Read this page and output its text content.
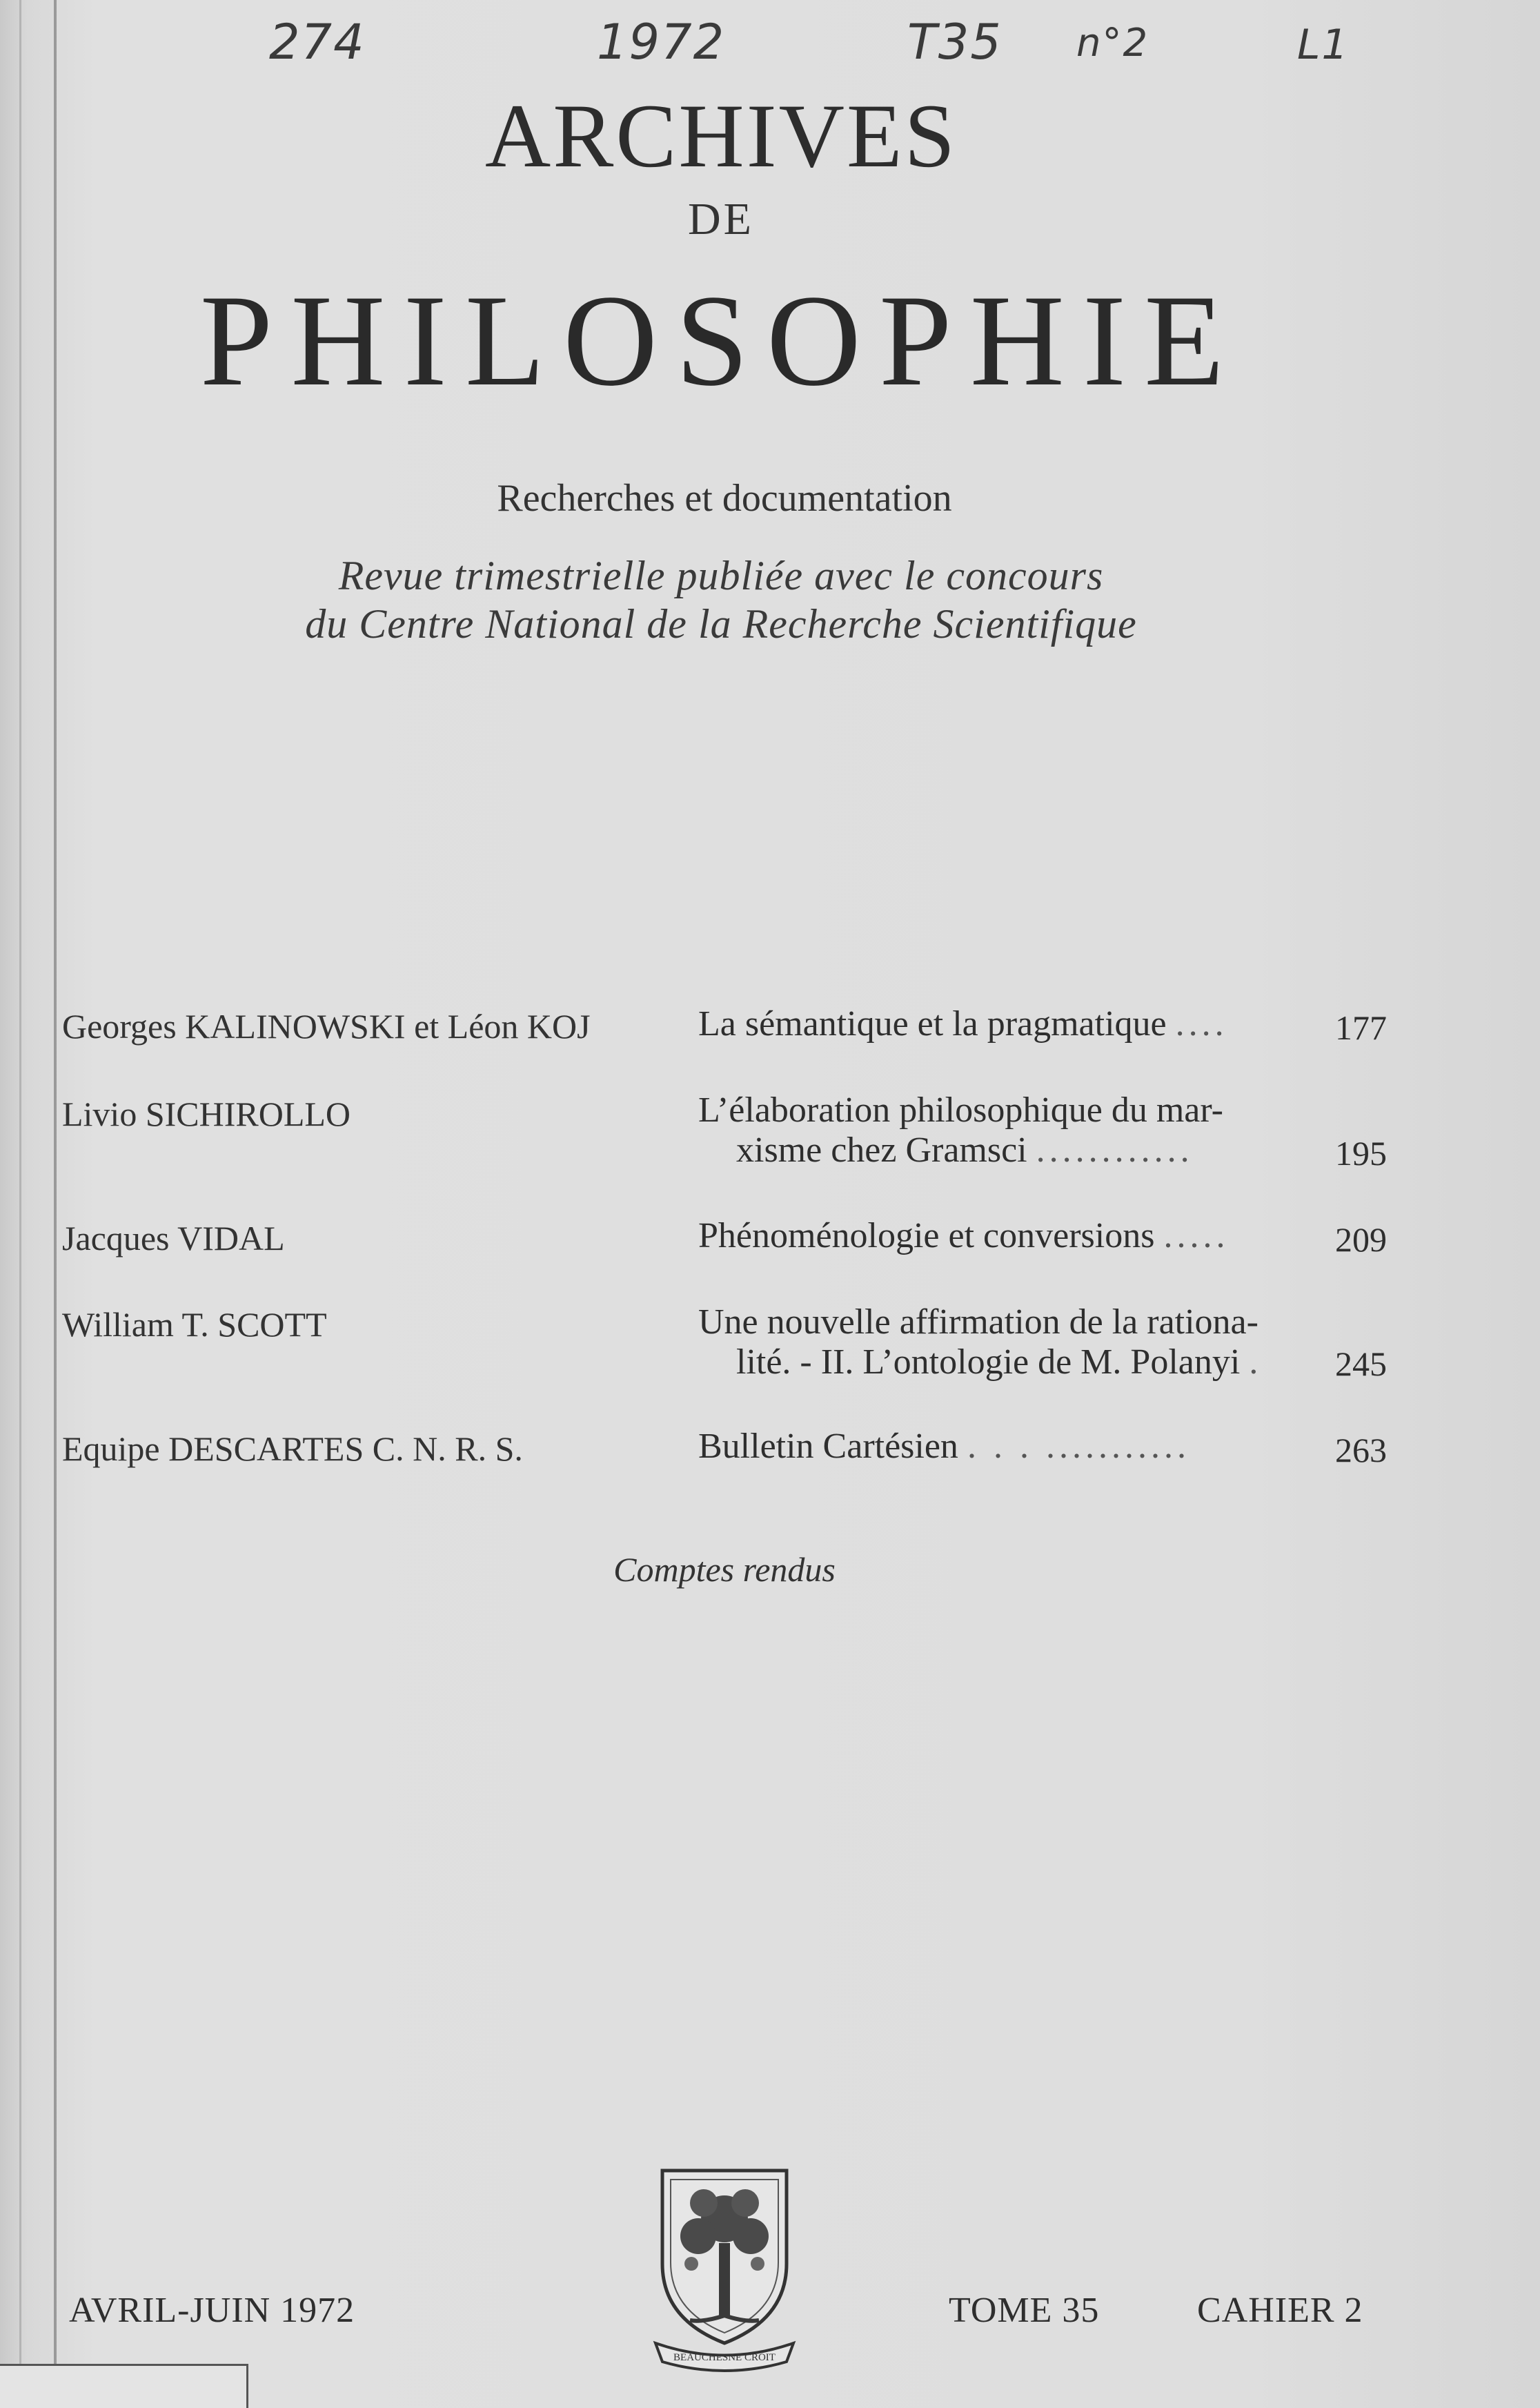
274	1972	T35 n°2	L1
ARCHIVES
DE
PHILOSOPHIE
Recherches et documentation
Revue trimestrielle publiée avec le concours
du Centre National de la Recherche Scientifique
Georges KALINOWSKI et Léon KOJ	La sémantique et la pragmatique ....	177
Livio SICHIROLLO	L’élaboration philosophique du mar-
xisme chez Gramsci ............	195
Jacques VIDAL	Phénoménologie et conversions .....	209
William T. SCOTT	Une nouvelle affirmation de la rationa-
lité. - II. L’ontologie de M. Polanyi .	245
Equipe DESCARTES C. N. R. S.	Bulletin Cartésien . . . ...........	263
Comptes rendus
BEAUCHESNE CROIT
AVRIL-JUIN 1972	TOME 35	CAHIER 2
